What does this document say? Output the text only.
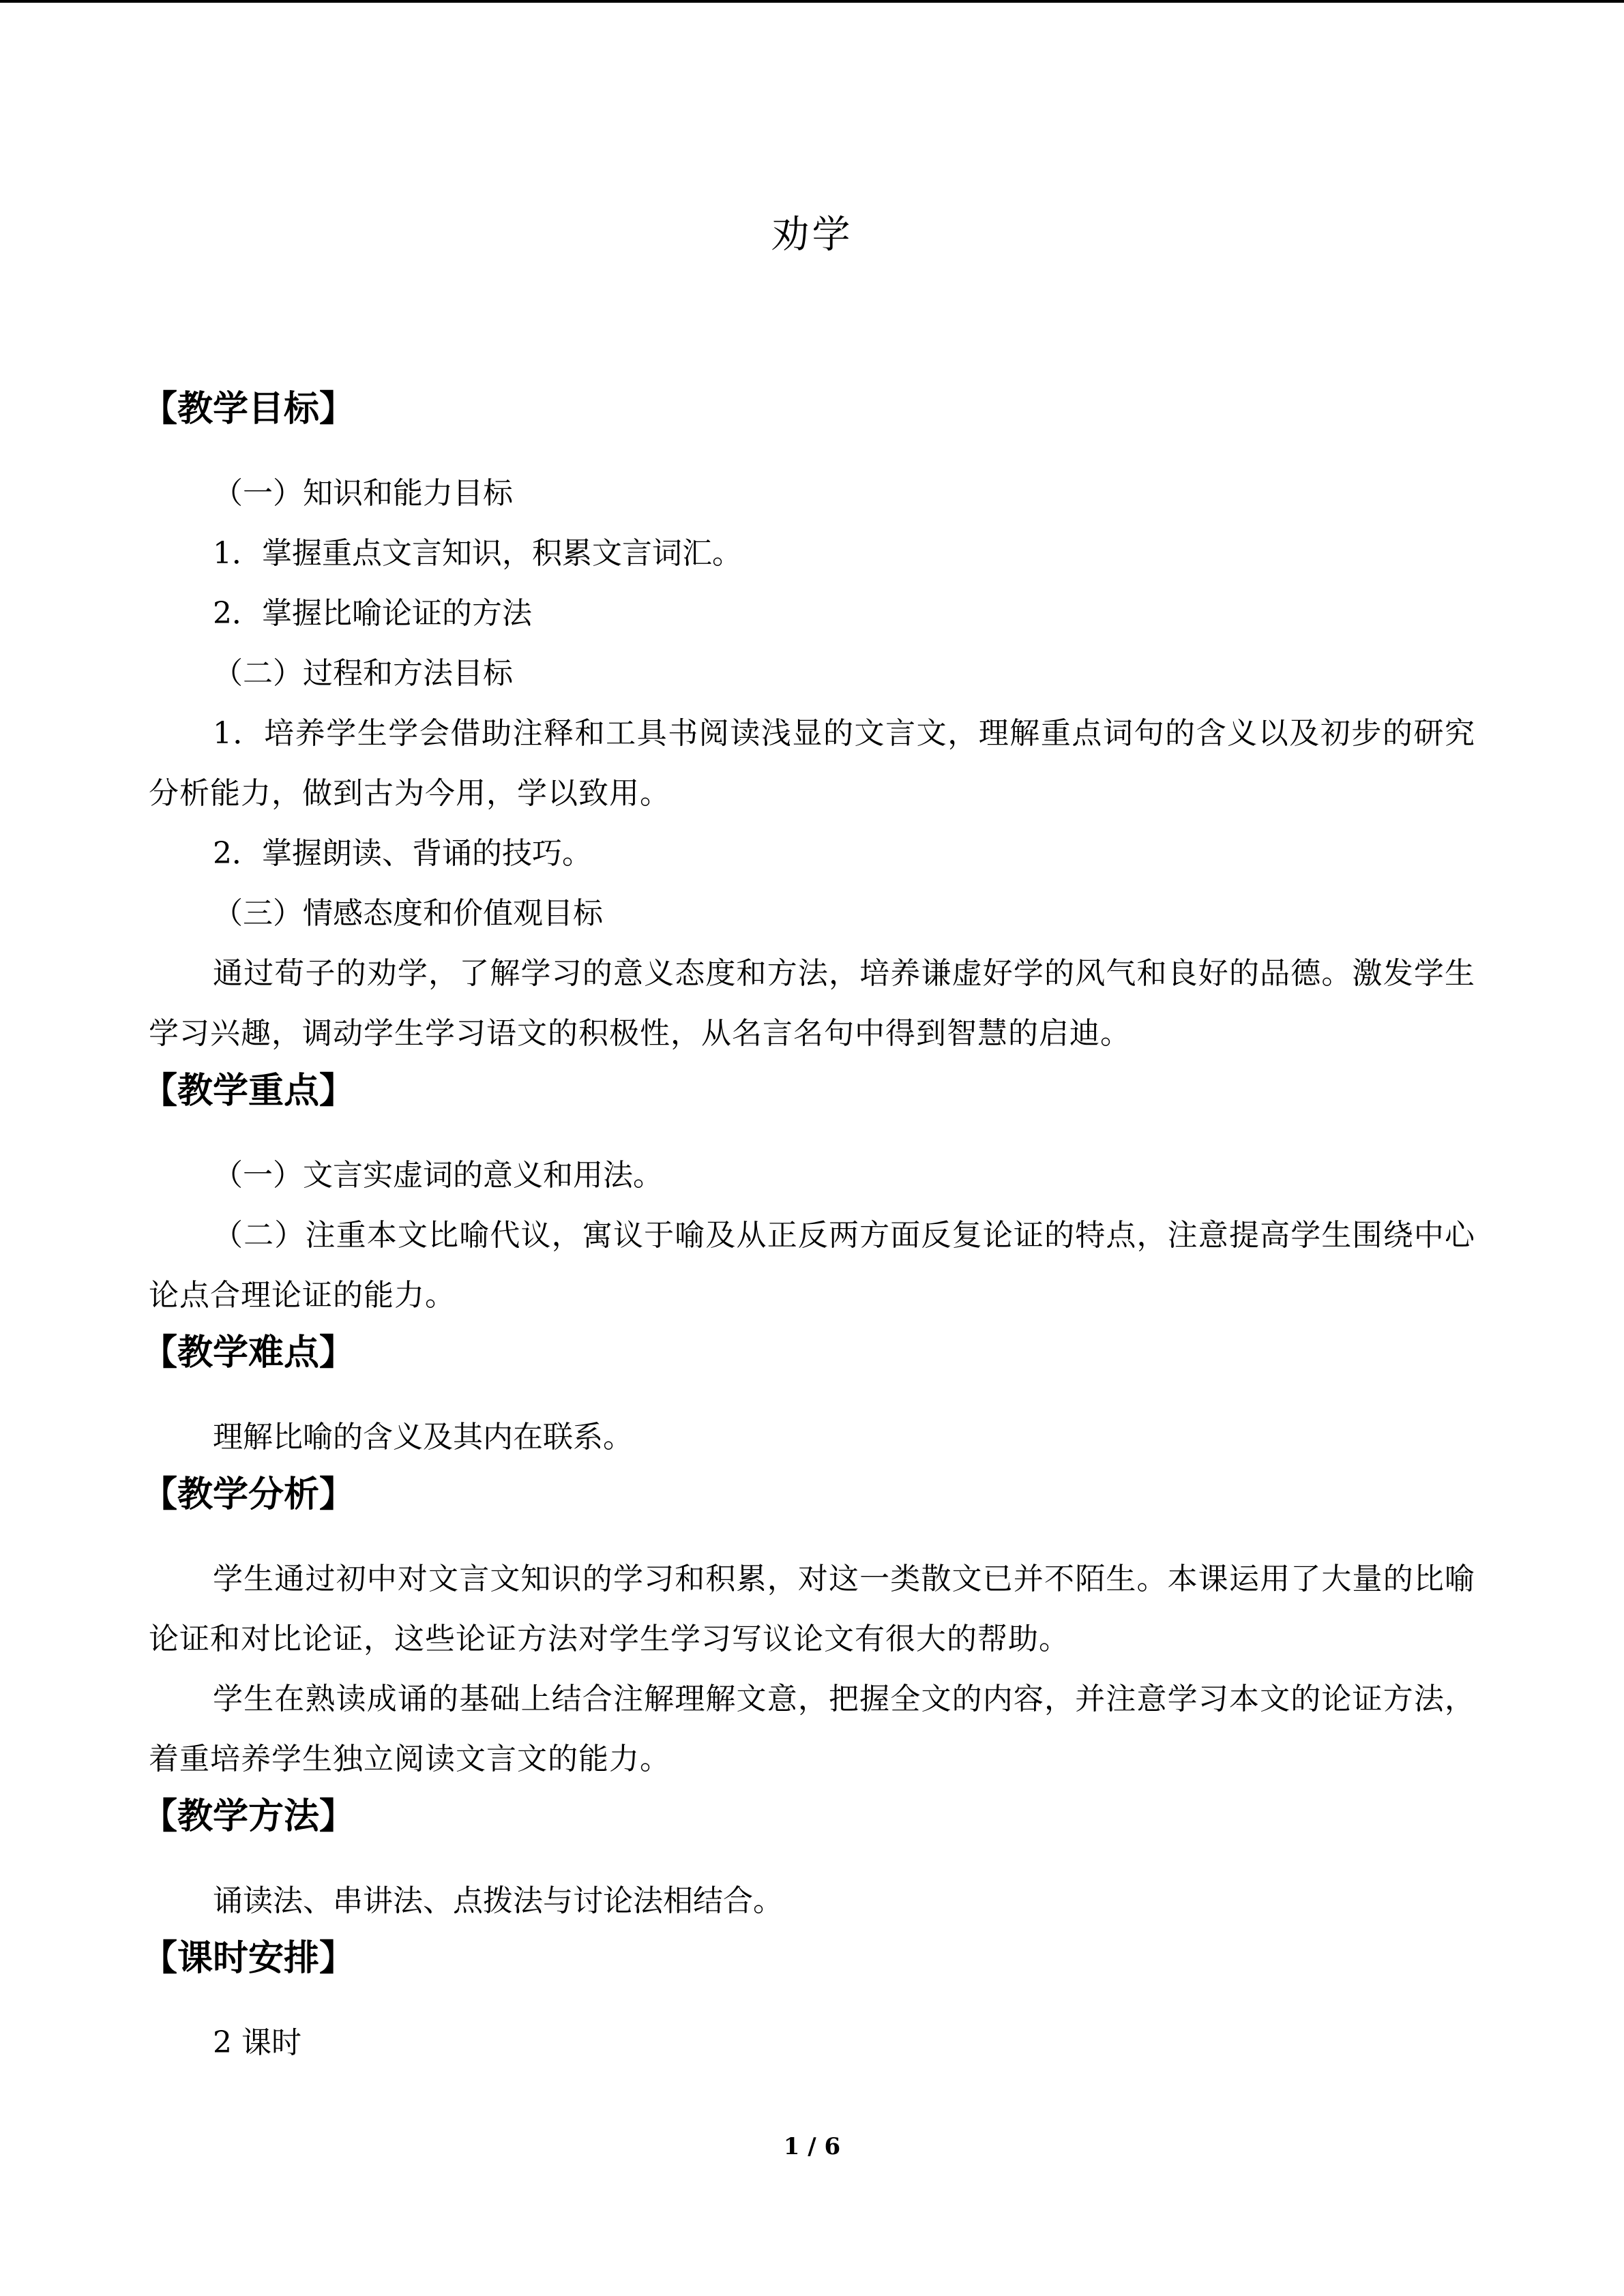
劝学
【教学目标】

（一）知识和能力目标

1．掌握重点文言知识，积累文言词汇。

2．掌握比喻论证的方法

（二）过程和方法目标

1．培养学生学会借助注释和工具书阅读浅显的文言文，理解重点词句的含义以及初步的研究分析能力，做到古为今用，学以致用。

2．掌握朗读、背诵的技巧。

（三）情感态度和价值观目标

通过荀子的劝学，了解学习的意义态度和方法，培养谦虚好学的风气和良好的品德。激发学生学习兴趣，调动学生学习语文的积极性，从名言名句中得到智慧的启迪。

【教学重点】

（一）文言实虚词的意义和用法。

（二）注重本文比喻代议，寓议于喻及从正反两方面反复论证的特点，注意提高学生围绕中心论点合理论证的能力。

【教学难点】

理解比喻的含义及其内在联系。

【教学分析】

学生通过初中对文言文知识的学习和积累，对这一类散文已并不陌生。本课运用了大量的比喻论证和对比论证，这些论证方法对学生学习写议论文有很大的帮助。

学生在熟读成诵的基础上结合注解理解文意，把握全文的内容，并注意学习本文的论证方法，着重培养学生独立阅读文言文的能力。

【教学方法】

诵读法、串讲法、点拨法与讨论法相结合。

【课时安排】

2 课时

1 / 6
